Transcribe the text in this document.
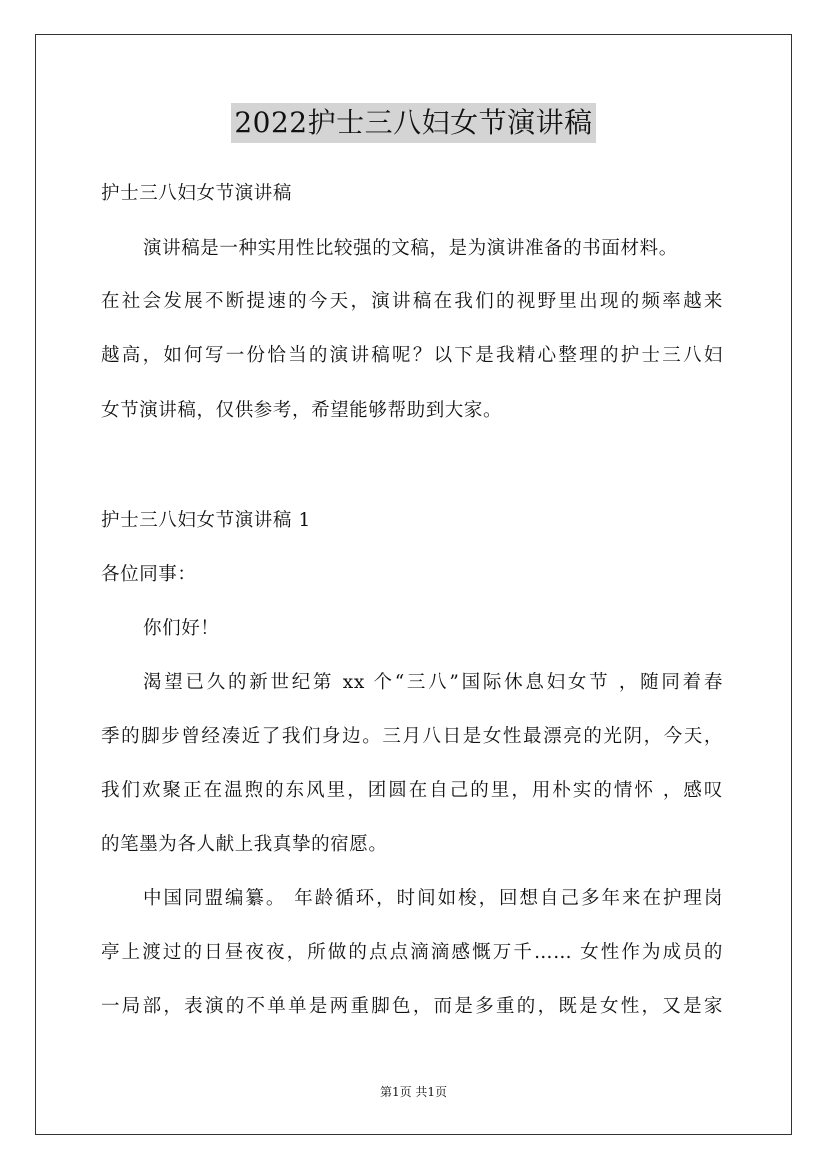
2022护士三八妇女节演讲稿
护士三八妇女节演讲稿
演讲稿是一种实用性比较强的文稿，是为演讲准备的书面材料。
在社会发展不断提速的今天，演讲稿在我们的视野里出现的频率越来
越高，如何写一份恰当的演讲稿呢？以下是我精心整理的护士三八妇
女节演讲稿，仅供参考，希望能够帮助到大家。
护士三八妇女节演讲稿 1
各位同事：
你们好！
渴望已久的新世纪第 xx 个“三八”国际休息妇女节 ，随同着春
季的脚步曾经凑近了我们身边。三月八日是女性最漂亮的光阴，今天，
我们欢聚正在温煦的东风里，团圆在自己的里，用朴实的情怀 ，感叹
的笔墨为各人献上我真挚的宿愿。
中国同盟编纂。 年龄循环，时间如梭，回想自己多年来在护理岗
亭上渡过的日昼夜夜，所做的点点滴滴感慨万千…… 女性作为成员的
一局部，表演的不单单是两重脚色，而是多重的，既是女性，又是家
第1页 共1页
